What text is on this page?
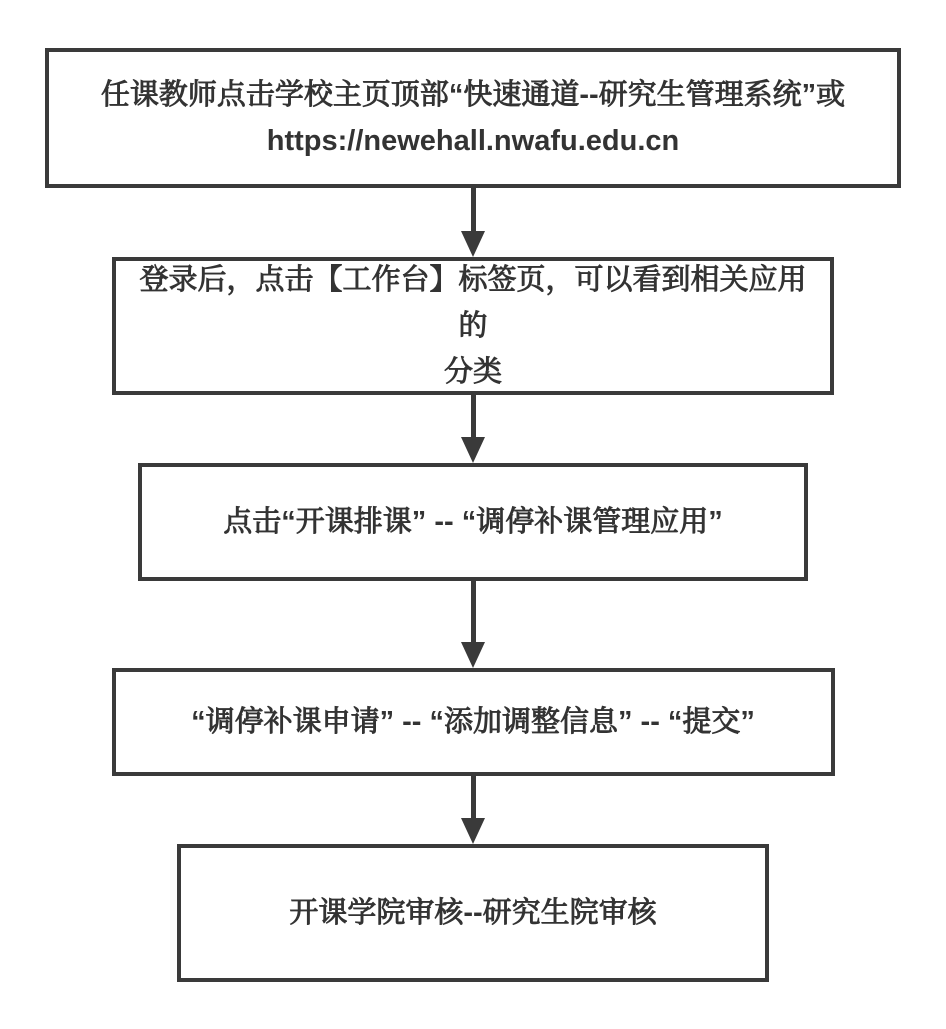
任课教师点击学校主页顶部“快速通道--研究生管理系统”或
https://newehall.nwafu.edu.cn
登录后，点击【工作台】标签页，可以看到相关应用的
分类
点击“开课排课” -- “调停补课管理应用”
“调停补课申请” -- “添加调整信息” -- “提交”
开课学院审核--研究生院审核
